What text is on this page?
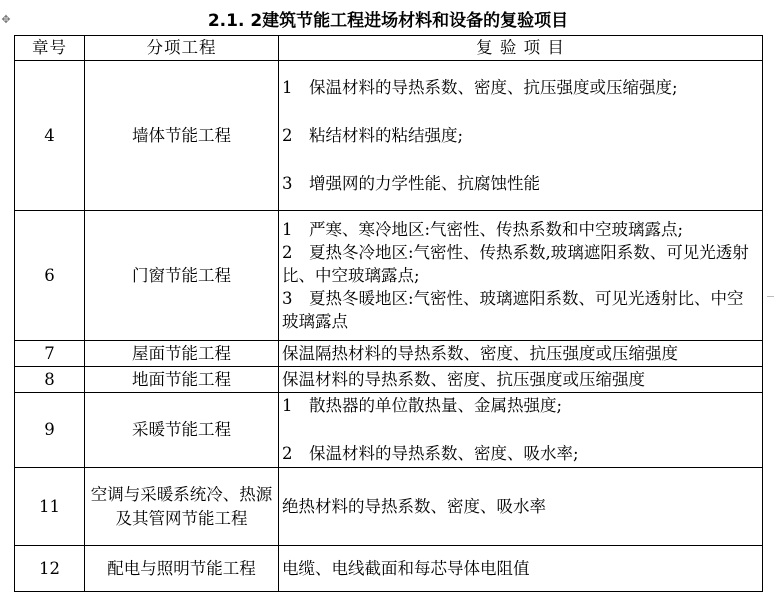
✥	2.1. 2建筑节能工程进场材料和设备的复验项目
章号	分项工程	复 验 项 目
4	墙体节能工程	1　保温材料的导热系数、密度、抗压强度或压缩强度;
2　粘结材料的粘结强度;
3　增强网的力学性能、抗腐蚀性能

6	门窗节能工程	1　严寒、寒冷地区:气密性、传热系数和中空玻璃露点;
2　夏热冬冷地区:气密性、传热系数,玻璃遮阳系数、可见光透射比、中空玻璃露点;
3　夏热冬暖地区:气密性、玻璃遮阳系数、可见光透射比、中空玻璃露点

7	屋面节能工程	保温隔热材料的导热系数、密度、抗压强度或压缩强度

8	地面节能工程	保温材料的导热系数、密度、抗压强度或压缩强度

9	采暖节能工程	1　散热器的单位散热量、金属热强度;
2　保温材料的导热系数、密度、吸水率;

11	空调与采暖系统冷、热源及其管网节能工程	绝热材料的导热系数、密度、吸水率

12	配电与照明节能工程	电缆、电线截面和每芯导体电阻值
